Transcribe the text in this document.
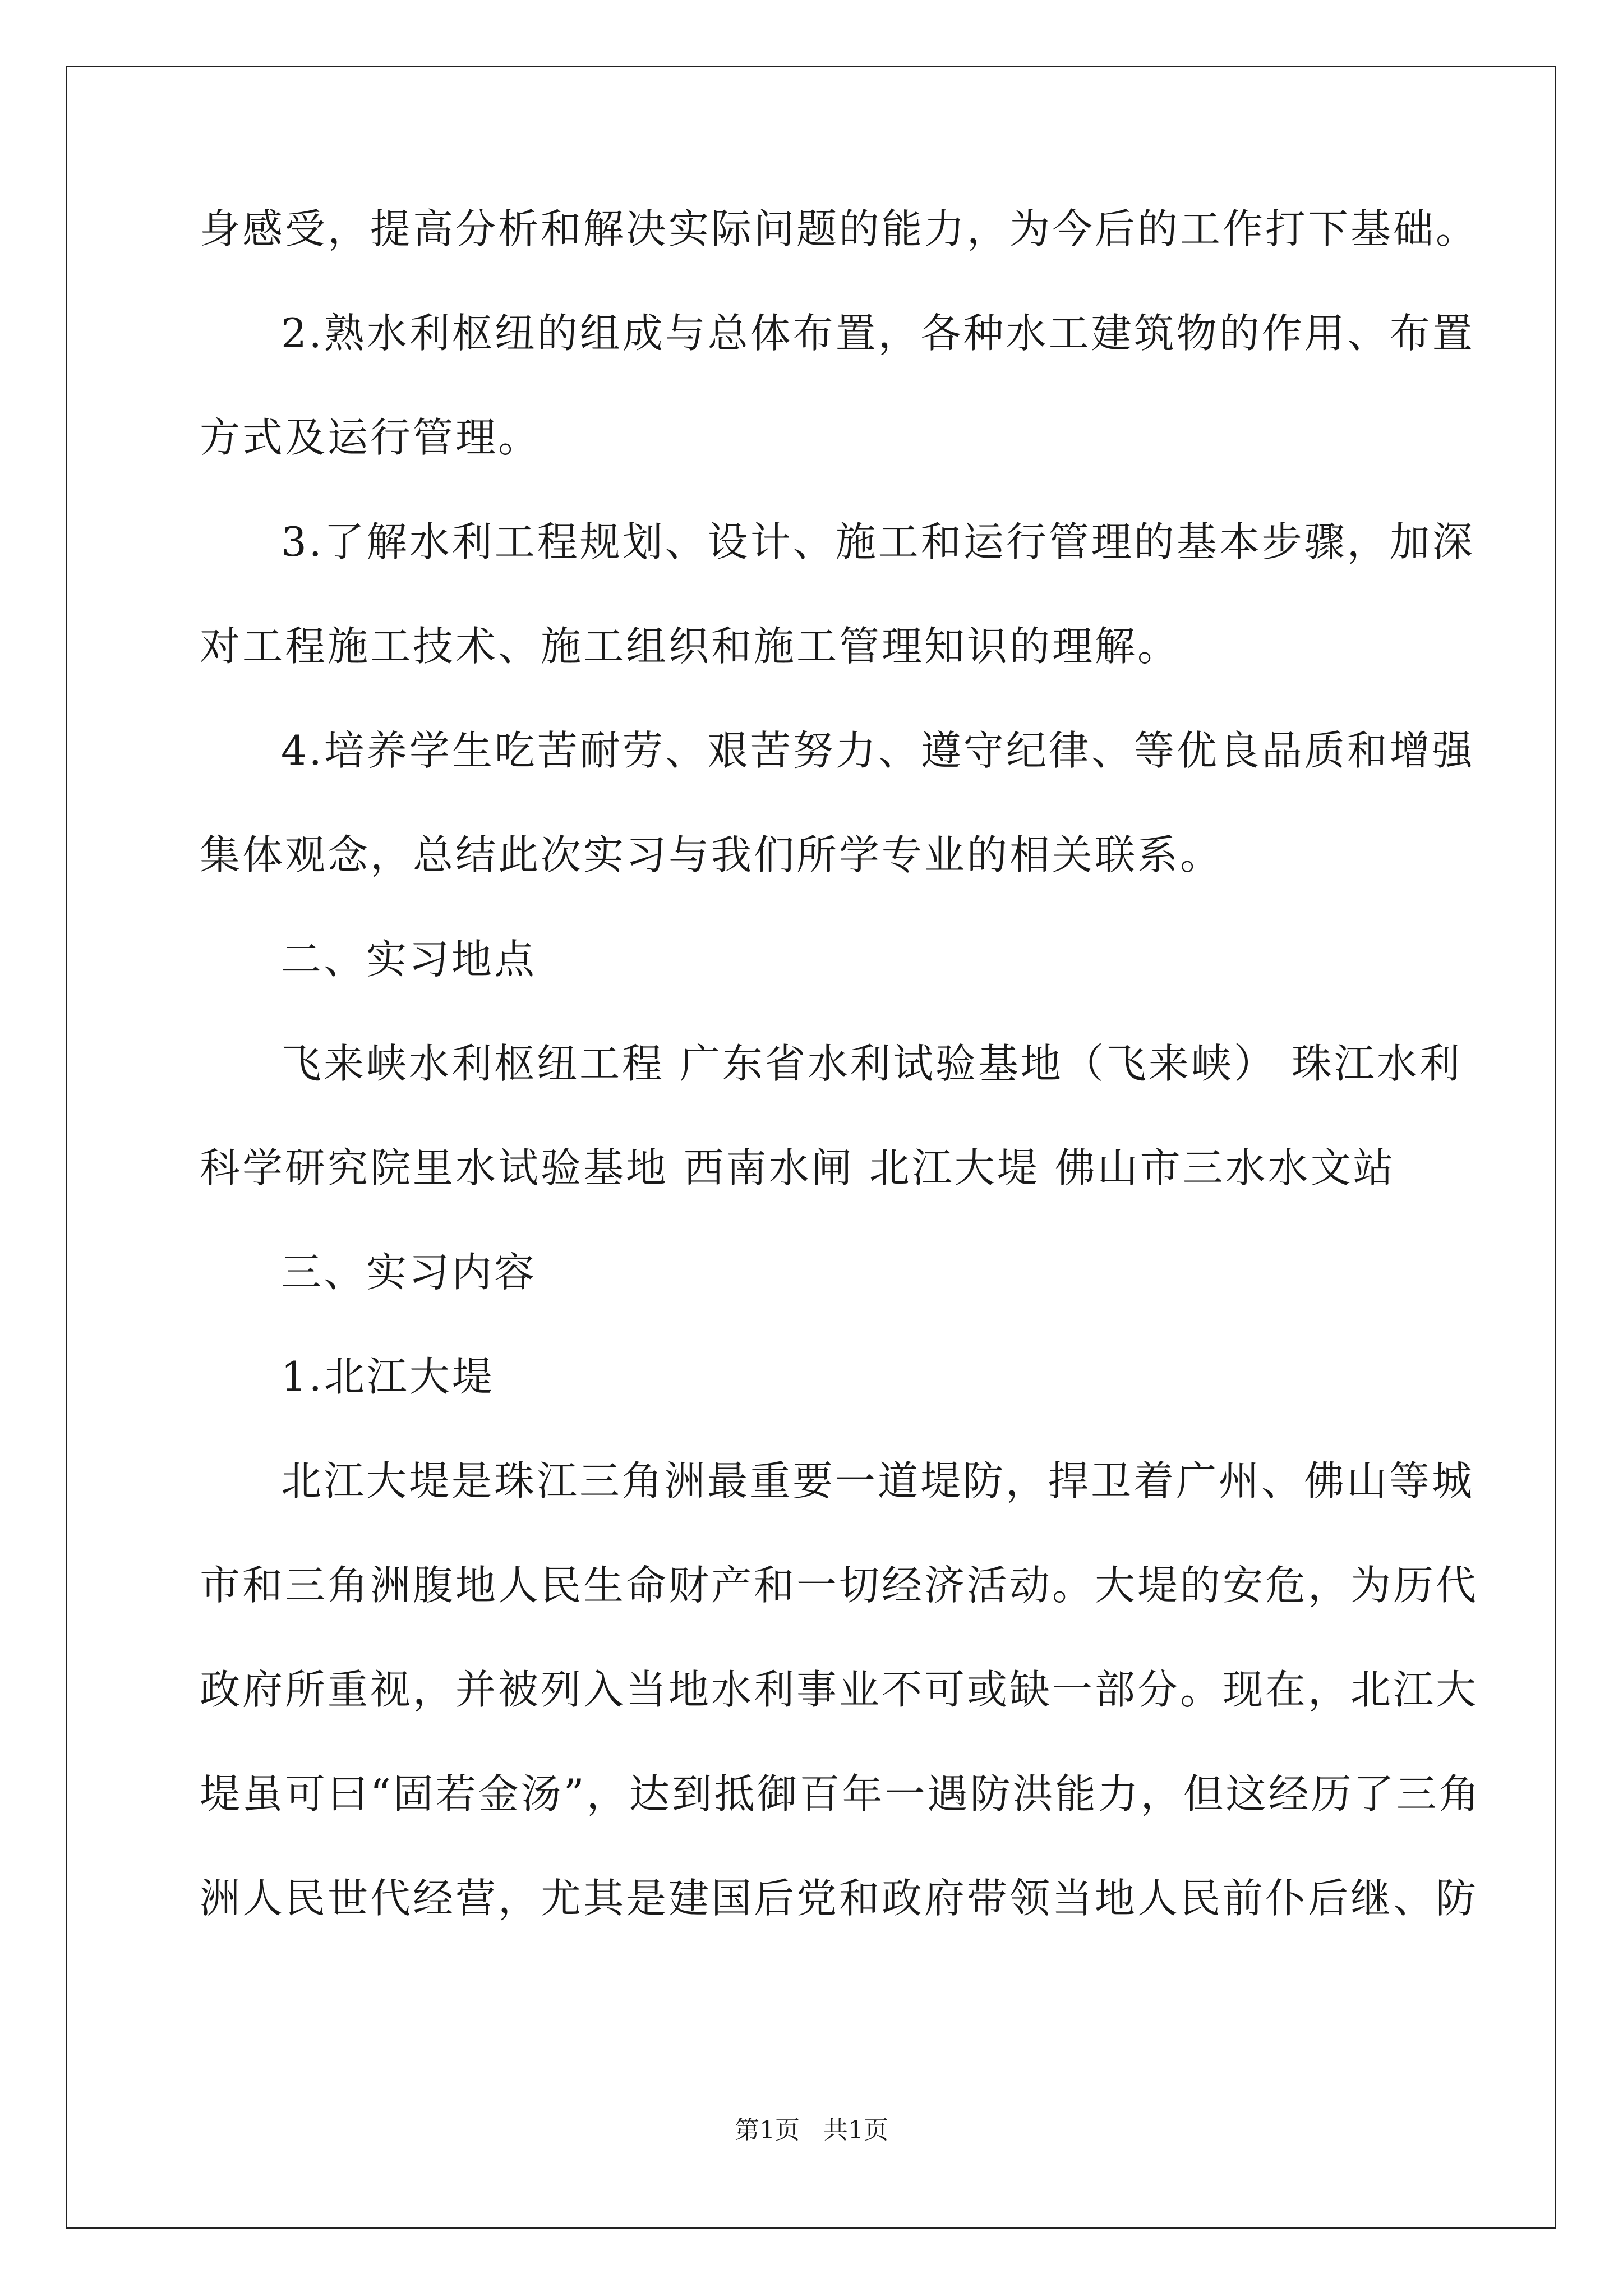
身感受，提高分析和解决实际问题的能力，为今后的工作打下基础。
2.熟水利枢纽的组成与总体布置，各种水工建筑物的作用、布置
方式及运行管理。
3.了解水利工程规划、设计、施工和运行管理的基本步骤，加深
对工程施工技术、施工组织和施工管理知识的理解。
4.培养学生吃苦耐劳、艰苦努力、遵守纪律、等优良品质和增强
集体观念，总结此次实习与我们所学专业的相关联系。
二、实习地点
飞来峡水利枢纽工程 广东省水利试验基地（飞来峡） 珠江水利
科学研究院里水试验基地 西南水闸 北江大堤 佛山市三水水文站
三、实习内容
1.北江大堤
北江大堤是珠江三角洲最重要一道堤防，捍卫着广州、佛山等城
市和三角洲腹地人民生命财产和一切经济活动。大堤的安危，为历代
政府所重视，并被列入当地水利事业不可或缺一部分。现在，北江大
堤虽可曰“固若金汤”，达到抵御百年一遇防洪能力，但这经历了三角
洲人民世代经营，尤其是建国后党和政府带领当地人民前仆后继、防
第1页 共1页
